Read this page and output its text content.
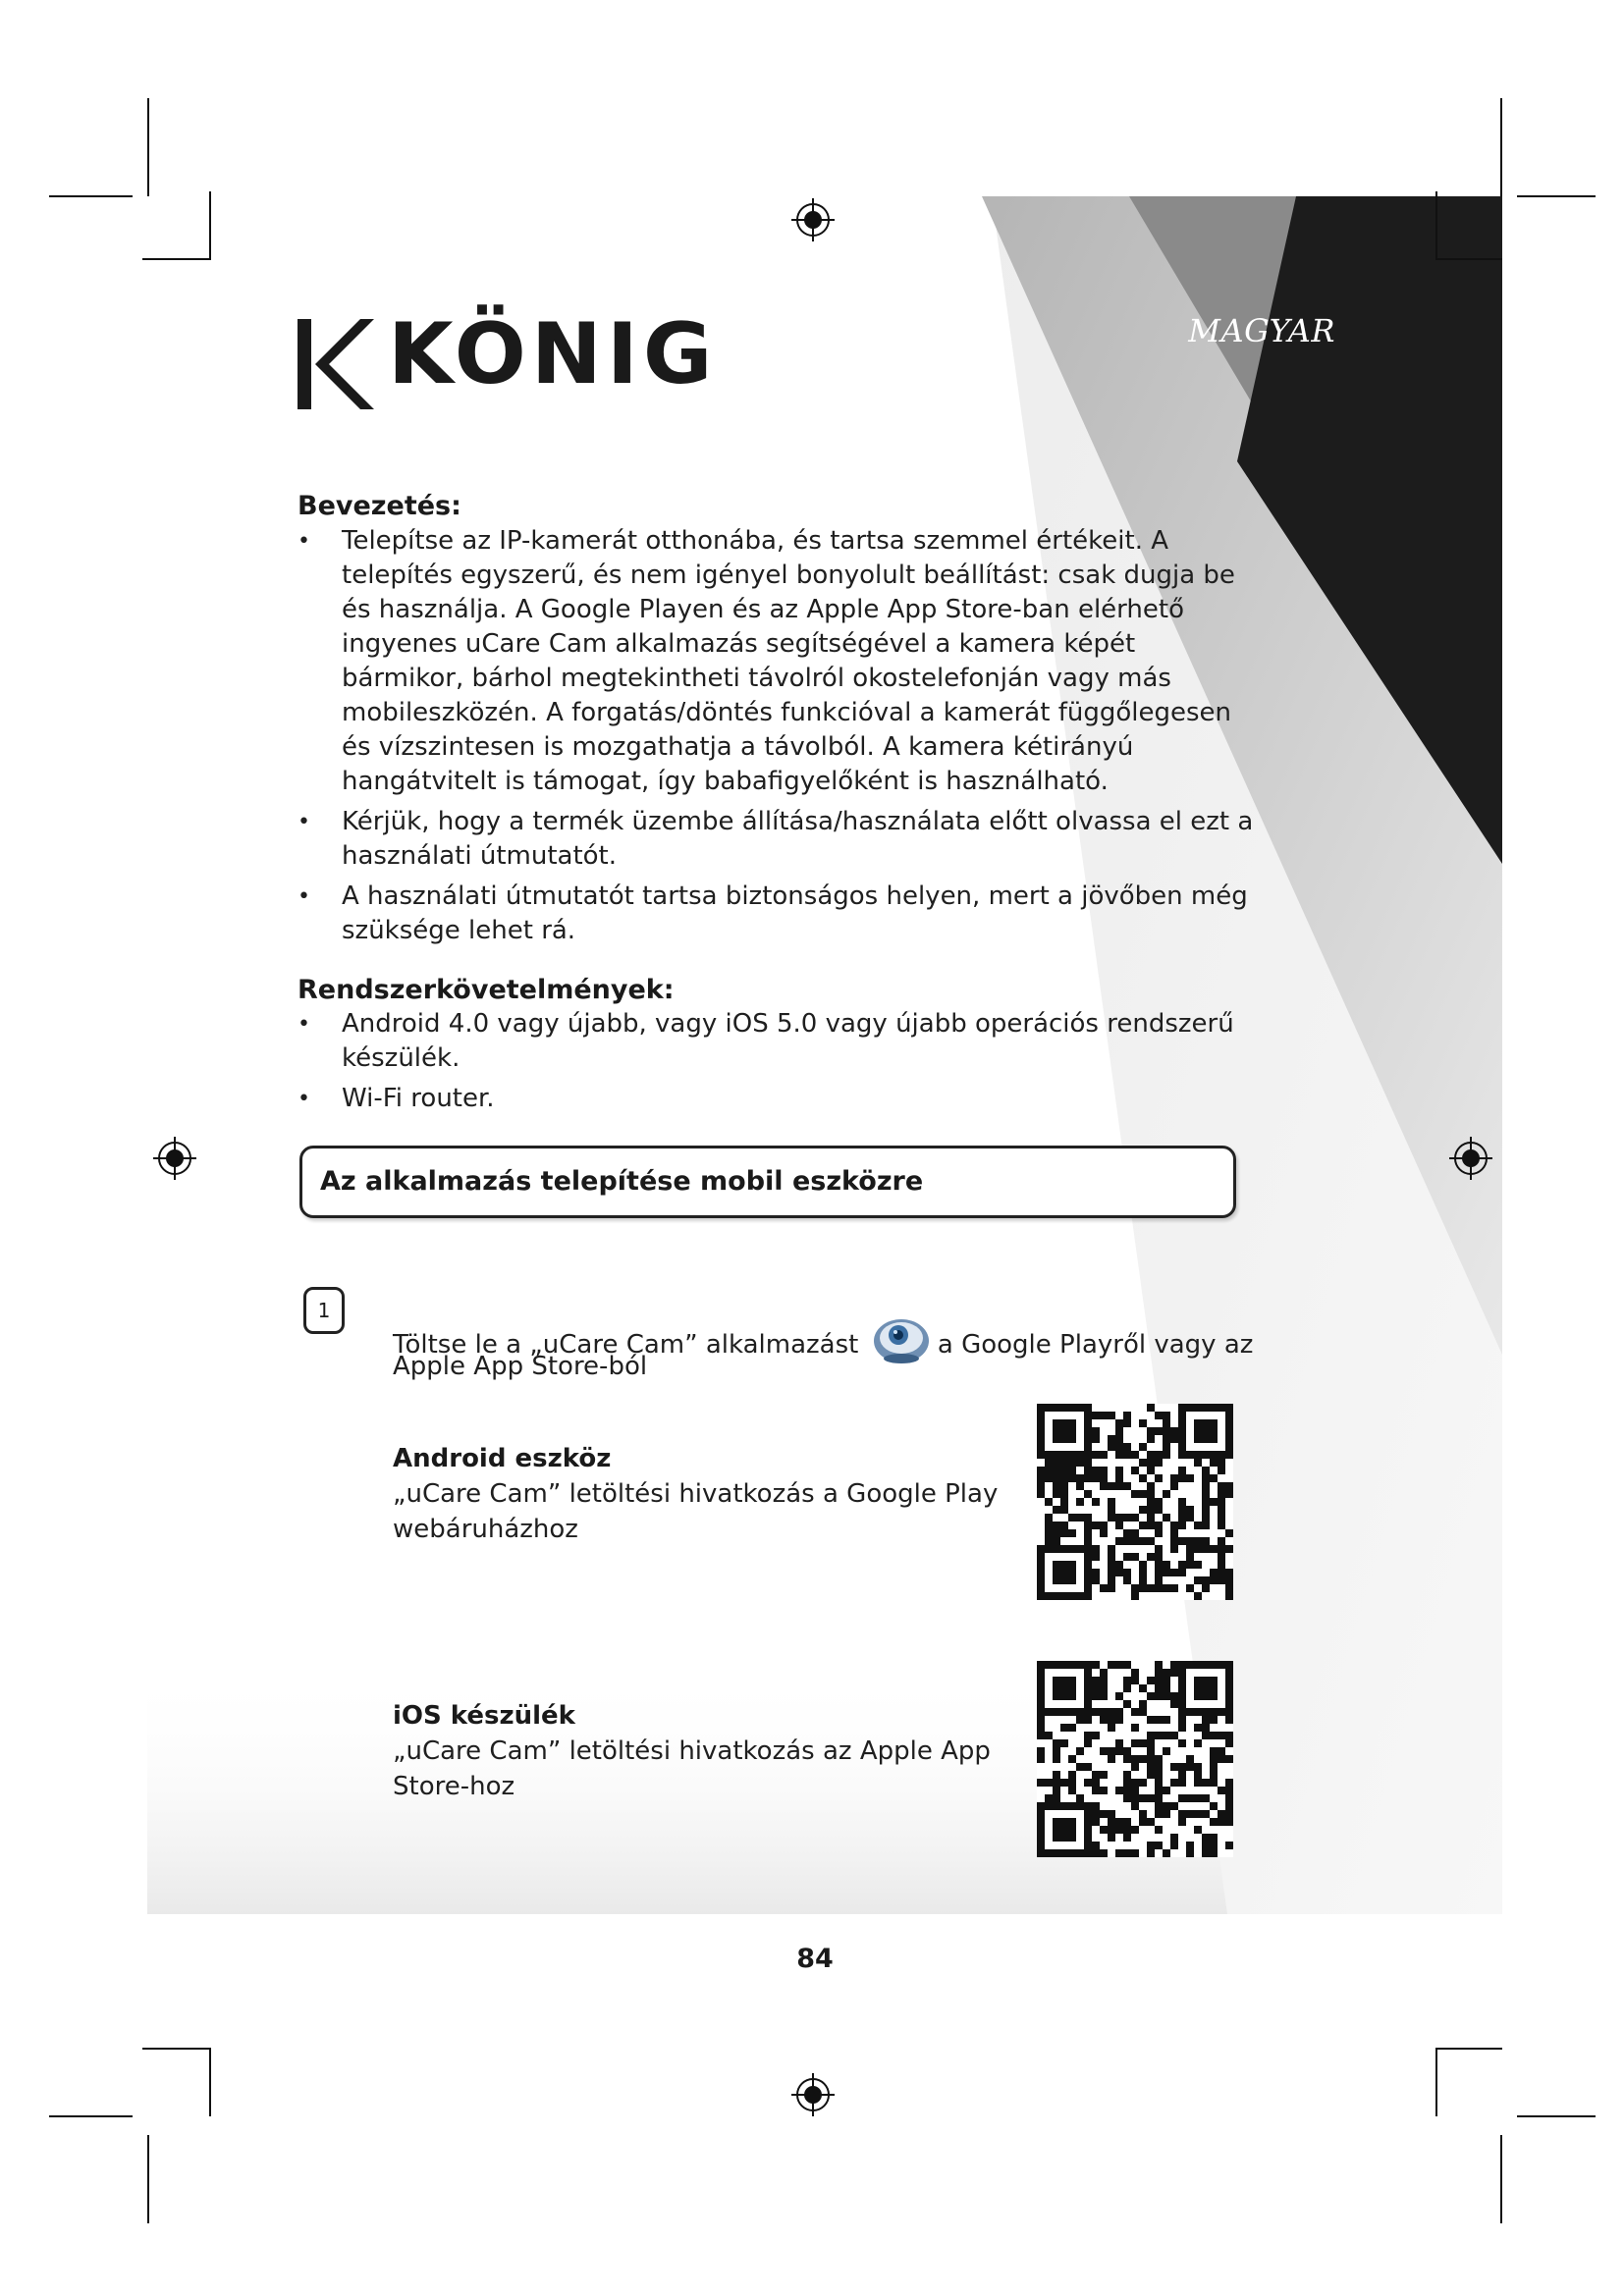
MAGYAR
KÖNIG
Bevezetés:
• Telepítse az IP-kamerát otthonába, és tartsa szemmel értékeit. A telepítés egyszerű, és nem igényel bonyolult beállítást: csak dugja be és használja. A Google Playen és az Apple App Store-ban elérhető ingyenes uCare Cam alkalmazás segítségével a kamera képét bármikor, bárhol megtekintheti távolról okostelefonján vagy más mobileszközén. A forgatás/döntés funkcióval a kamerát függőlegesen és vízszintesen is mozgathatja a távolból. A kamera kétirányú hangátvitelt is támogat, így babafigyelőként is használható.
• Kérjük, hogy a termék üzembe állítása/használata előtt olvassa el ezt a használati útmutatót.
• A használati útmutatót tartsa biztonságos helyen, mert a jövőben még szüksége lehet rá.
Rendszerkövetelmények:
• Android 4.0 vagy újabb, vagy iOS 5.0 vagy újabb operációs rendszerű készülék.
• Wi-Fi router.
Az alkalmazás telepítése mobil eszközre
1
Töltse le a „uCare Cam” alkalmazást	a Google Playről vagy az
Apple App Store-ból
Android eszköz
„uCare Cam” letöltési hivatkozás a Google Play
webáruházhoz
iOS készülék
„uCare Cam” letöltési hivatkozás az Apple App
Store-hoz
84
